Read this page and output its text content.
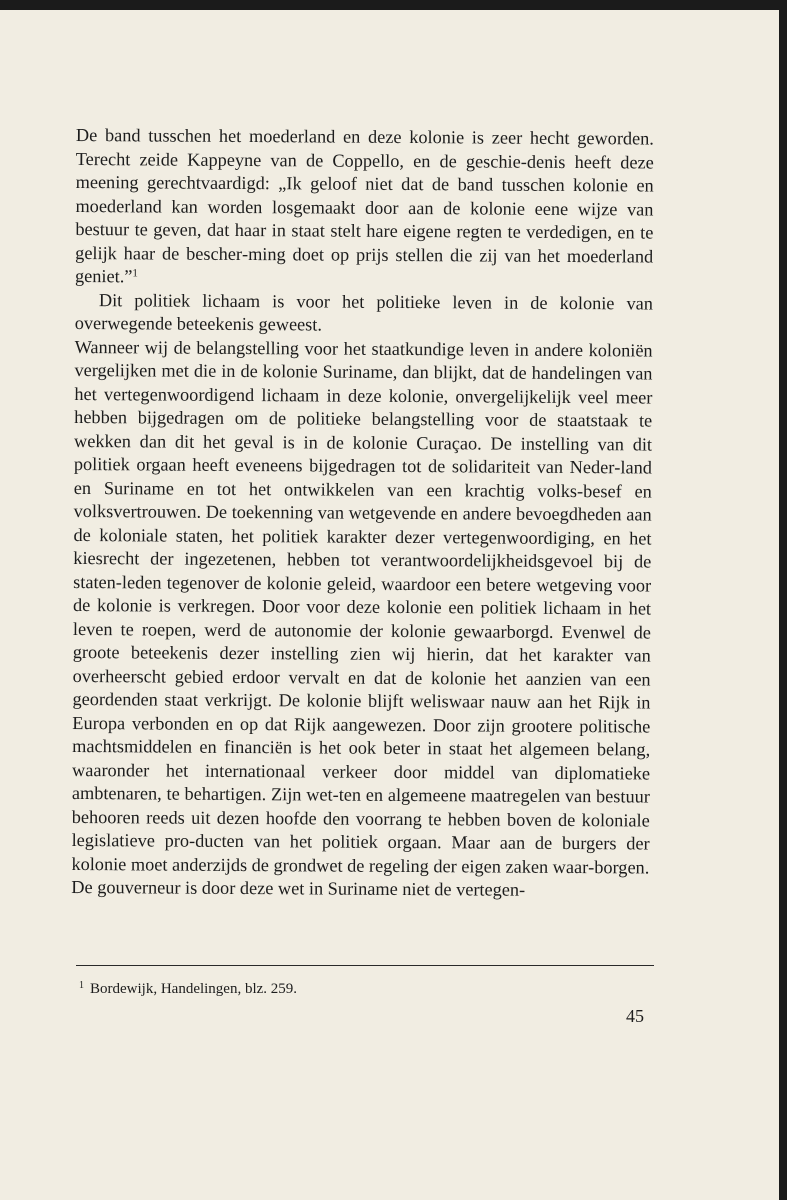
De band tusschen het moederland en deze kolonie is zeer hecht geworden. Terecht zeide Kappeyne van de Coppello, en de geschie‐denis heeft deze meening gerechtvaardigd: „Ik geloof niet dat de band tusschen kolonie en moederland kan worden losgemaakt door aan de kolonie eene wijze van bestuur te geven, dat haar in staat stelt hare eigene regten te verdedigen, en te gelijk haar de bescher‐ming doet op prijs stellen die zij van het moederland geniet.”$^1$

Dit politiek lichaam is voor het politieke leven in de kolonie van overwegende beteekenis geweest.

Wanneer wij de belangstelling voor het staatkundige leven in andere koloniën vergelijken met die in de kolonie Suriname, dan blijkt, dat de handelingen van het vertegenwoordigend lichaam in deze kolonie, onvergelijkelijk veel meer hebben bijgedragen om de politieke belangstelling voor de staatstaak te wekken dan dit het geval is in de kolonie Curaçao. De instelling van dit politiek orgaan heeft eveneens bijgedragen tot de solidariteit van Neder‐land en Suriname en tot het ontwikkelen van een krachtig volks‐besef en volksvertrouwen. De toekenning van wetgevende en andere bevoegdheden aan de koloniale staten, het politiek karakter dezer vertegenwoordiging, en het kiesrecht der ingezetenen, hebben tot verantwoordelijkheidsgevoel bij de staten‐leden tegenover de kolonie geleid, waardoor een betere wetgeving voor de kolonie is verkregen. Door voor deze kolonie een politiek lichaam in het leven te roepen, werd de autonomie der kolonie gewaarborgd. Evenwel de groote beteekenis dezer instelling zien wij hierin, dat het karakter van overheerscht gebied erdoor vervalt en dat de kolonie het aanzien van een geordenden staat verkrijgt. De kolonie blijft weliswaar nauw aan het Rijk in Europa verbonden en op dat Rijk aangewezen. Door zijn grootere politische machtsmiddelen en financiën is het ook beter in staat het algemeen belang, waaronder het internationaal verkeer door middel van diplomatieke ambtenaren, te behartigen. Zijn wet‐ten en algemeene maatregelen van bestuur behooren reeds uit dezen hoofde den voorrang te hebben boven de koloniale legislatieve pro‐ducten van het politiek orgaan. Maar aan de burgers der kolonie moet anderzijds de grondwet de regeling der eigen zaken waar‐borgen.

De gouverneur is door deze wet in Suriname niet de vertegen‐

$^1$ Bordewijk, Handelingen, blz. 259.
45
